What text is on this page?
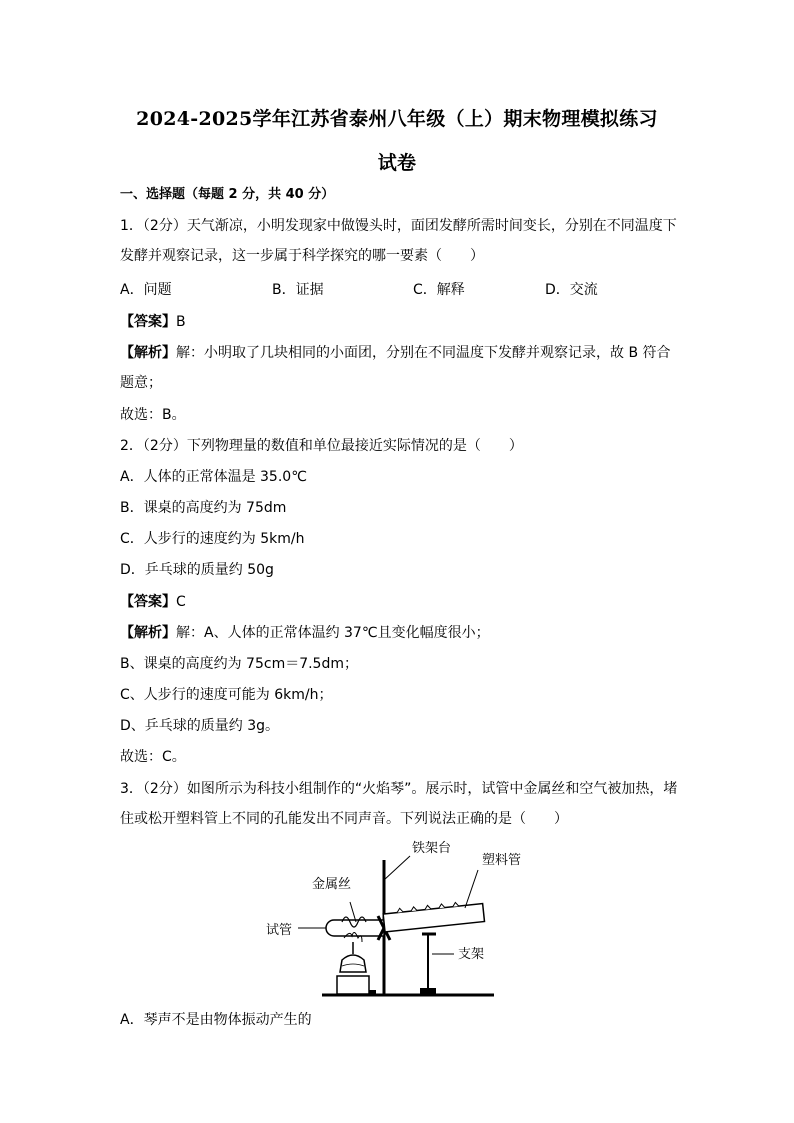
2024-2025学年江苏省泰州八年级（上）期末物理模拟练习
试卷
一、选择题（每题 2 分，共 40 分）
1．（2分）天气渐凉，小明发现家中做馒头时，面团发酵所需时间变长，分别在不同温度下
发酵并观察记录，这一步属于科学探究的哪一要素（　　）
A．问题	B．证据	C．解释	D．交流
【答案】B
【解析】解：小明取了几块相同的小面团，分别在不同温度下发酵并观察记录，故 B 符合
题意；
故选：B。
2．（2分）下列物理量的数值和单位最接近实际情况的是（　　）
A．人体的正常体温是 35.0℃
B．课桌的高度约为 75dm
C．人步行的速度约为 5km/h
D．乒乓球的质量约 50g
【答案】C
【解析】解：A、人体的正常体温约 37℃且变化幅度很小；
B、课桌的高度约为 75cm＝7.5dm；
C、人步行的速度可能为 6km/h；
D、乒乓球的质量约 3g。
故选：C。
3．（2分）如图所示为科技小组制作的“火焰琴”。展示时，试管中金属丝和空气被加热，堵
住或松开塑料管上不同的孔能发出不同声音。下列说法正确的是（　　）
铁架台
金属丝
试管
塑料管
支架
A．琴声不是由物体振动产生的
